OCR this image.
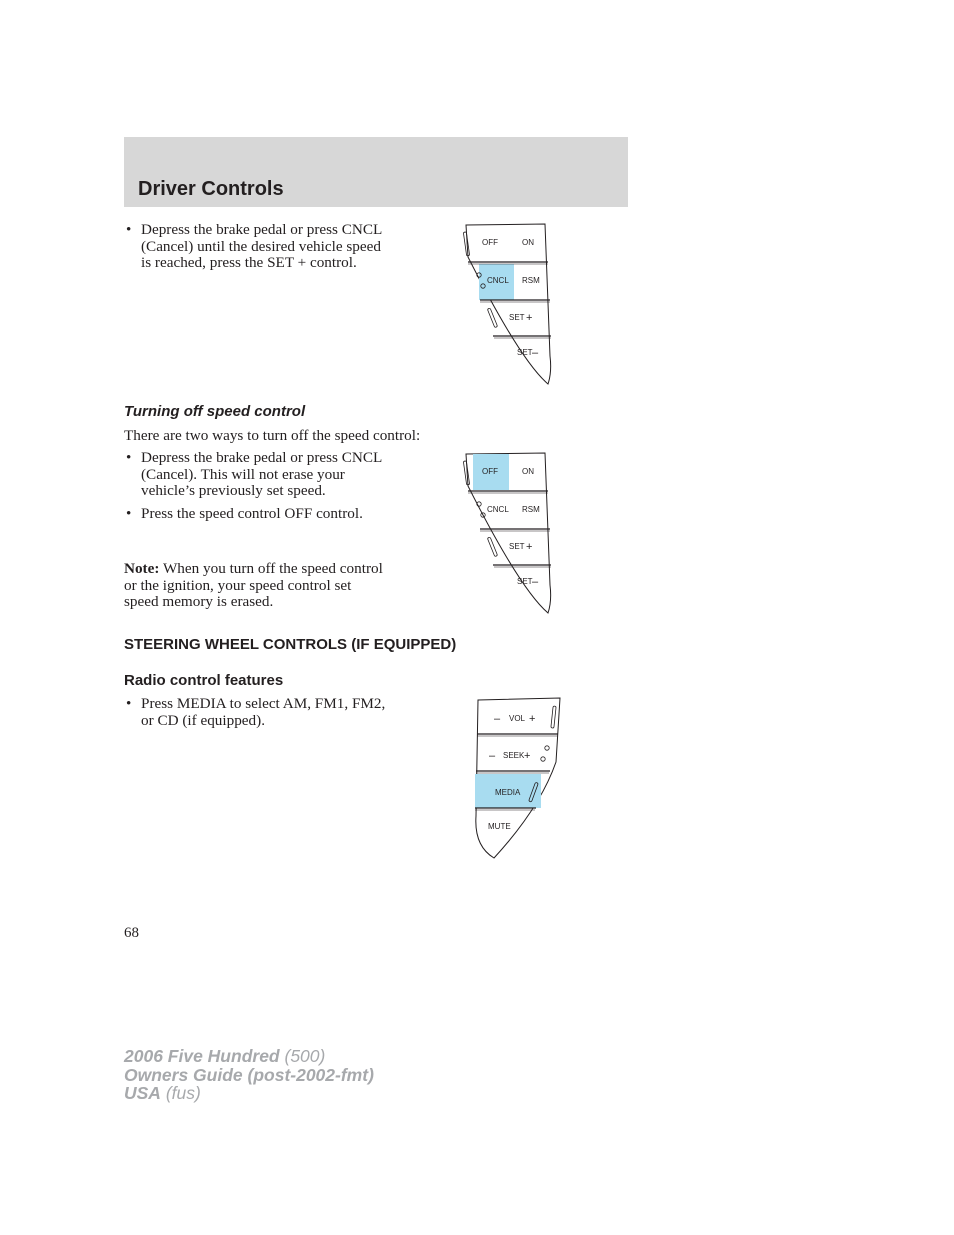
Driver Controls
• Depress the brake pedal or press CNCL (Cancel) until the desired vehicle speed is reached, press the SET + control.
OFF	ON
CNCL RSM
SET +
SET –

Turning off speed control

There are two ways to turn off the speed control:

• Depress the brake pedal or press CNCL (Cancel). This will not erase your vehicle’s previously set speed.
• Press the speed control OFF control.

Note: When you turn off the speed control or the ignition, your speed control set speed memory is erased.

OFF	ON
CNCL RSM
SET +
SET –

STEERING WHEEL CONTROLS (IF EQUIPPED)

Radio control features

• Press MEDIA to select AM, FM1, FM2, or CD (if equipped).	– VOL +
– SEEK +
MEDIA
MUTE
68
2006 Five Hundred (500)
Owners Guide (post-2002-fmt)
USA (fus)
